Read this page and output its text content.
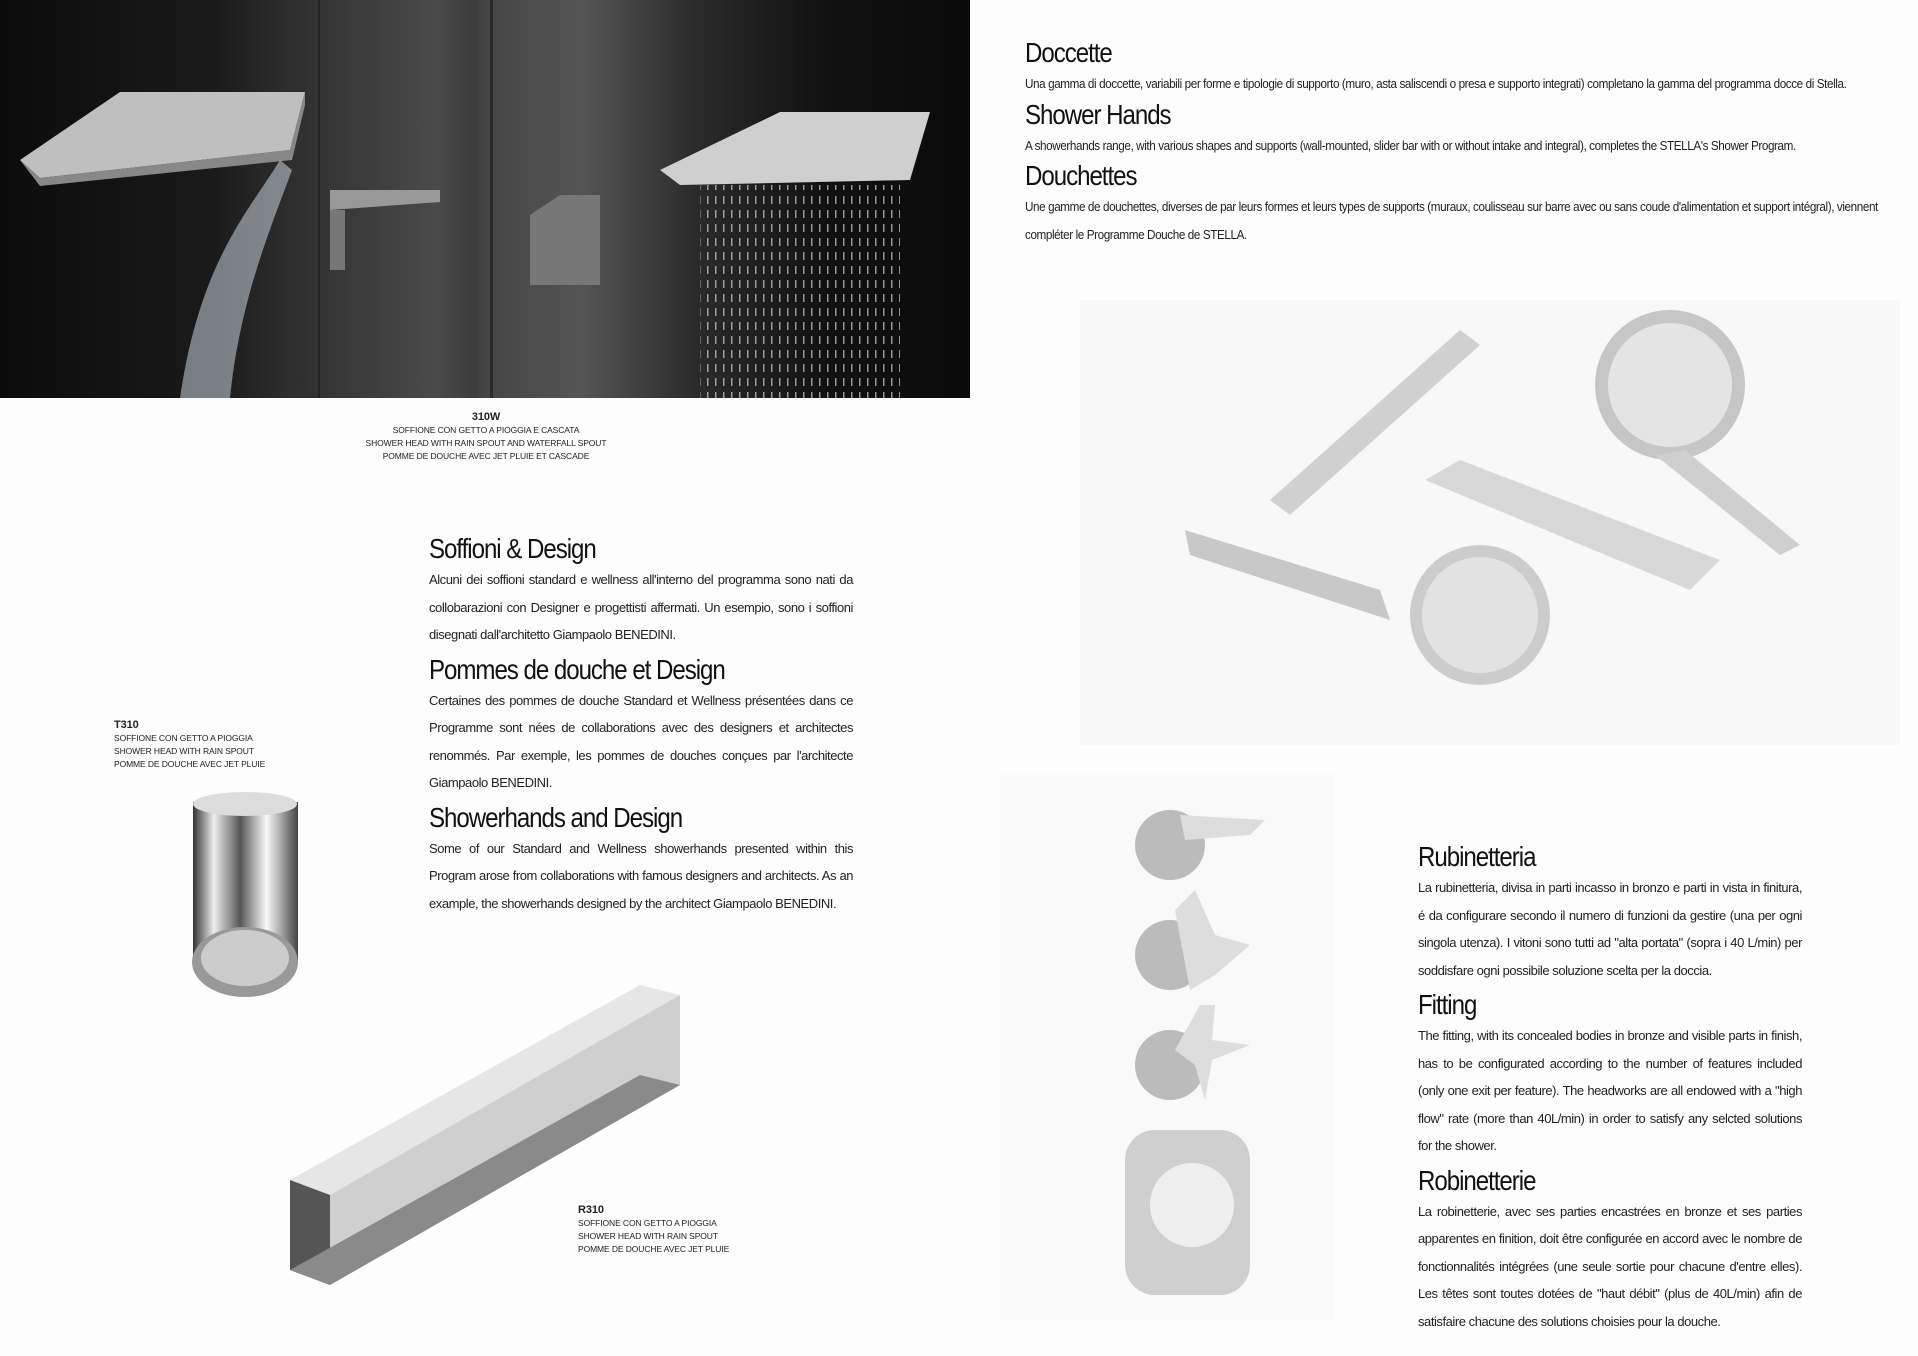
310W
SOFFIONE CON GETTO A PIOGGIA E CASCATA
SHOWER HEAD WITH RAIN SPOUT AND WATERFALL SPOUT
POMME DE DOUCHE AVEC JET PLUIE ET CASCADE
Soffioni & Design

Alcuni dei soffioni standard e wellness all'interno del programma sono nati da collobarazioni con Designer e progettisti affermati. Un esempio, sono i soffioni disegnati dall'architetto Giampaolo BENEDINI.

Pommes de douche et Design

Certaines des pommes de douche Standard et Wellness présentées dans ce Programme sont nées de collaborations avec des designers et architectes renommés. Par exemple, les pommes de douches conçues par l'architecte Giampaolo BENEDINI.

Showerhands and Design

Some of our Standard and Wellness showerhands presented within this Program arose from collaborations with famous designers and architects. As an example, the showerhands designed by the architect Giampaolo BENEDINI.

T310
SOFFIONE CON GETTO A PIOGGIA
SHOWER HEAD WITH RAIN SPOUT
POMME DE DOUCHE AVEC JET PLUIE
R310
SOFFIONE CON GETTO A PIOGGIA
SHOWER HEAD WITH RAIN SPOUT
POMME DE DOUCHE AVEC JET PLUIE
Doccette

Una gamma di doccette, variabili per forme e tipologie di supporto (muro, asta saliscendi o presa e supporto integrati) completano la gamma del programma docce di Stella.

Shower Hands

A showerhands range, with various shapes and supports (wall-mounted, slider bar with or without intake and integral), completes the STELLA's Shower Program.

Douchettes

Une gamme de douchettes, diverses de par leurs formes et leurs types de supports (muraux, coulisseau sur barre avec ou sans coude d'alimentation et support intégral), viennent compléter le Programme Douche de STELLA.

Rubinetteria

La rubinetteria, divisa in parti incasso in bronzo e parti in vista in finitura, é da configurare secondo il numero di funzioni da gestire (una per ogni singola utenza). I vitoni sono tutti ad "alta portata" (sopra i 40 L/min) per soddisfare ogni possibile soluzione scelta per la doccia.

Fitting

The fitting, with its concealed bodies in bronze and visible parts in finish, has to be configurated according to the number of features included (only one exit per feature). The headworks are all endowed with a "high flow" rate (more than 40L/min) in order to satisfy any selcted solutions for the shower.

Robinetterie

La robinetterie, avec ses parties encastrées en bronze et ses parties apparentes en finition, doit être configurée en accord avec le nombre de fonctionnalités intégrées (une seule sortie pour chacune d'entre elles). Les têtes sont toutes dotées de "haut débit" (plus de 40L/min) afin de satisfaire chacune des solutions choisies pour la douche.
